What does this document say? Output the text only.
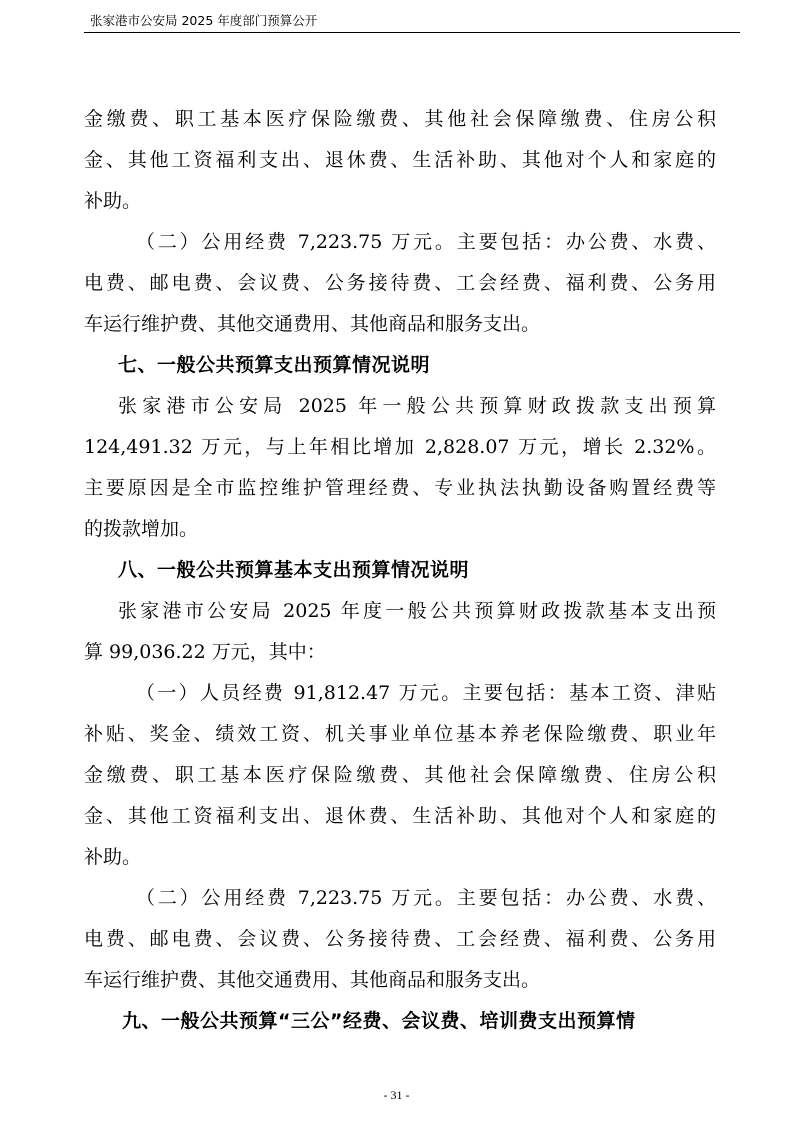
张家港市公安局 2025 年度部门预算公开
金缴费、职工基本医疗保险缴费、其他社会保障缴费、住房公积
金、其他工资福利支出、退休费、生活补助、其他对个人和家庭的
补助。
（二）公用经费 7,223.75 万元。主要包括：办公费、水费、
电费、邮电费、会议费、公务接待费、工会经费、福利费、公务用
车运行维护费、其他交通费用、其他商品和服务支出。
七、一般公共预算支出预算情况说明
张家港市公安局 2025 年一般公共预算财政拨款支出预算
124,491.32 万元，与上年相比增加 2,828.07 万元，增长 2.32%。
主要原因是全市监控维护管理经费、专业执法执勤设备购置经费等
的拨款增加。
八、一般公共预算基本支出预算情况说明
张家港市公安局 2025 年度一般公共预算财政拨款基本支出预
算 99,036.22 万元，其中：
（一）人员经费 91,812.47 万元。主要包括：基本工资、津贴
补贴、奖金、绩效工资、机关事业单位基本养老保险缴费、职业年
金缴费、职工基本医疗保险缴费、其他社会保障缴费、住房公积
金、其他工资福利支出、退休费、生活补助、其他对个人和家庭的
补助。
（二）公用经费 7,223.75 万元。主要包括：办公费、水费、
电费、邮电费、会议费、公务接待费、工会经费、福利费、公务用
车运行维护费、其他交通费用、其他商品和服务支出。
九、一般公共预算“三公”经费、会议费、培训费支出预算情
- 31 -
